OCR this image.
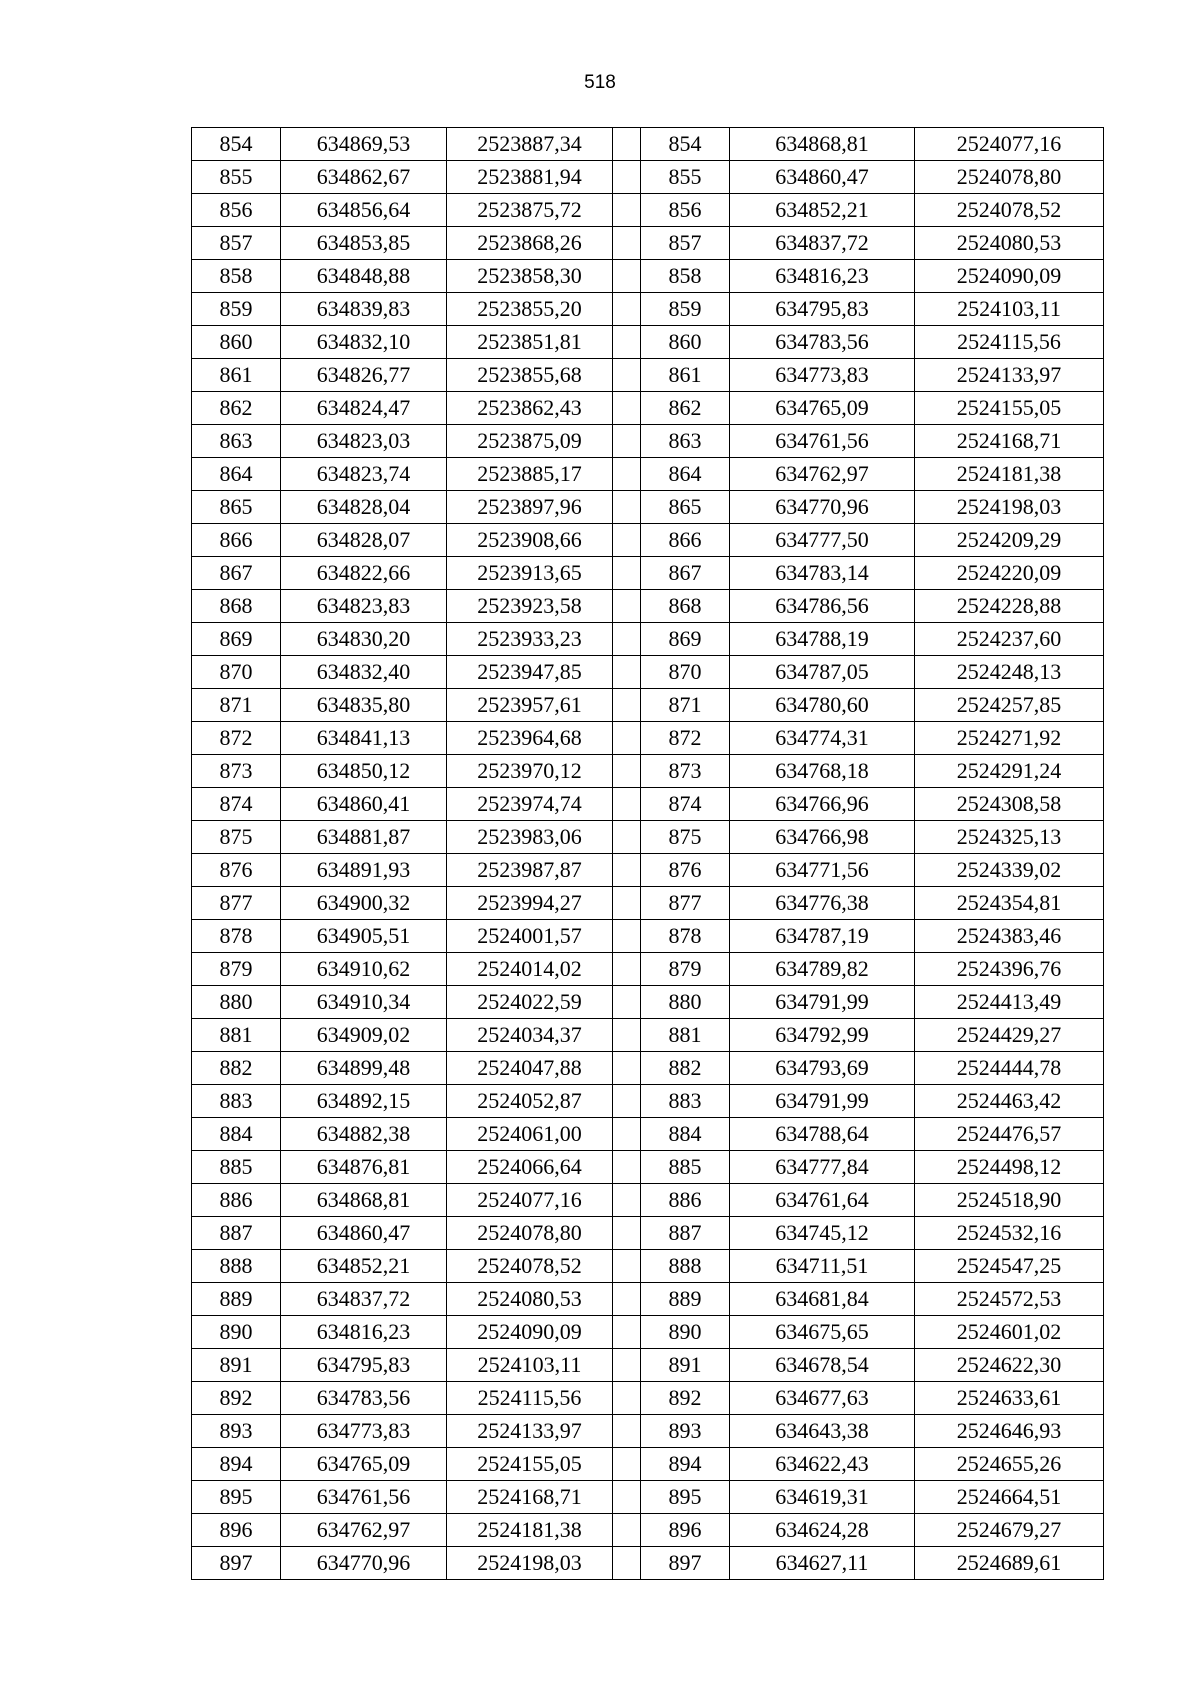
518
854	634869,53	2523887,34		854	634868,81	2524077,16
855	634862,67	2523881,94		855	634860,47	2524078,80
856	634856,64	2523875,72		856	634852,21	2524078,52
857	634853,85	2523868,26		857	634837,72	2524080,53
858	634848,88	2523858,30		858	634816,23	2524090,09
859	634839,83	2523855,20		859	634795,83	2524103,11
860	634832,10	2523851,81		860	634783,56	2524115,56
861	634826,77	2523855,68		861	634773,83	2524133,97
862	634824,47	2523862,43		862	634765,09	2524155,05
863	634823,03	2523875,09		863	634761,56	2524168,71
864	634823,74	2523885,17		864	634762,97	2524181,38
865	634828,04	2523897,96		865	634770,96	2524198,03
866	634828,07	2523908,66		866	634777,50	2524209,29
867	634822,66	2523913,65		867	634783,14	2524220,09
868	634823,83	2523923,58		868	634786,56	2524228,88
869	634830,20	2523933,23		869	634788,19	2524237,60
870	634832,40	2523947,85		870	634787,05	2524248,13
871	634835,80	2523957,61		871	634780,60	2524257,85
872	634841,13	2523964,68		872	634774,31	2524271,92
873	634850,12	2523970,12		873	634768,18	2524291,24
874	634860,41	2523974,74		874	634766,96	2524308,58
875	634881,87	2523983,06		875	634766,98	2524325,13
876	634891,93	2523987,87		876	634771,56	2524339,02
877	634900,32	2523994,27		877	634776,38	2524354,81
878	634905,51	2524001,57		878	634787,19	2524383,46
879	634910,62	2524014,02		879	634789,82	2524396,76
880	634910,34	2524022,59		880	634791,99	2524413,49
881	634909,02	2524034,37		881	634792,99	2524429,27
882	634899,48	2524047,88		882	634793,69	2524444,78
883	634892,15	2524052,87		883	634791,99	2524463,42
884	634882,38	2524061,00		884	634788,64	2524476,57
885	634876,81	2524066,64		885	634777,84	2524498,12
886	634868,81	2524077,16		886	634761,64	2524518,90
887	634860,47	2524078,80		887	634745,12	2524532,16
888	634852,21	2524078,52		888	634711,51	2524547,25
889	634837,72	2524080,53		889	634681,84	2524572,53
890	634816,23	2524090,09		890	634675,65	2524601,02
891	634795,83	2524103,11		891	634678,54	2524622,30
892	634783,56	2524115,56		892	634677,63	2524633,61
893	634773,83	2524133,97		893	634643,38	2524646,93
894	634765,09	2524155,05		894	634622,43	2524655,26
895	634761,56	2524168,71		895	634619,31	2524664,51
896	634762,97	2524181,38		896	634624,28	2524679,27
897	634770,96	2524198,03		897	634627,11	2524689,61
